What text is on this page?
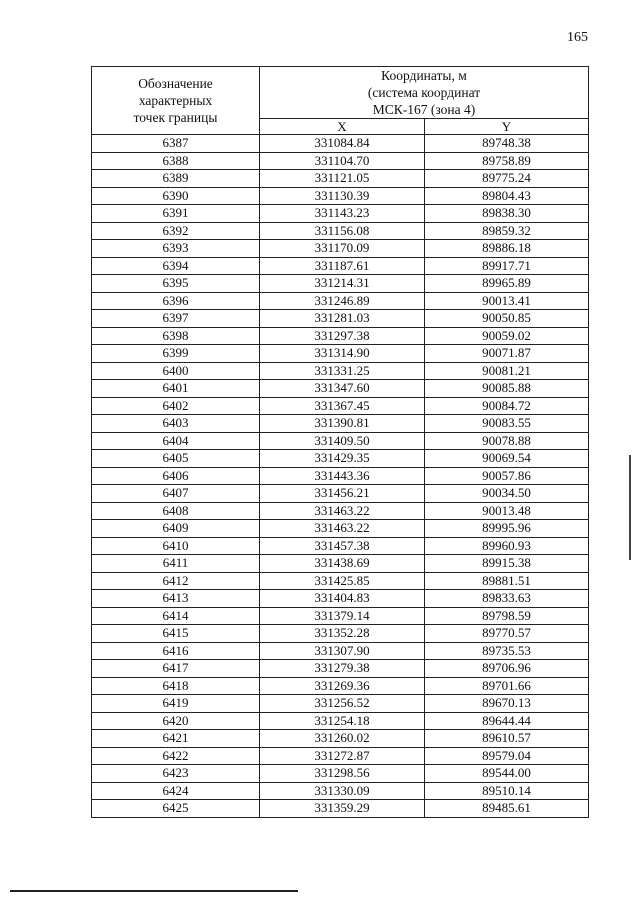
165
Обозначение
характерных
точек границы	Координаты, м
(система координат
МСК-167 (зона 4)	

	X	Y
6387	331084.84	89748.38
6388	331104.70	89758.89
6389	331121.05	89775.24
6390	331130.39	89804.43
6391	331143.23	89838.30
6392	331156.08	89859.32
6393	331170.09	89886.18
6394	331187.61	89917.71
6395	331214.31	89965.89
6396	331246.89	90013.41
6397	331281.03	90050.85
6398	331297.38	90059.02
6399	331314.90	90071.87
6400	331331.25	90081.21
6401	331347.60	90085.88
6402	331367.45	90084.72
6403	331390.81	90083.55
6404	331409.50	90078.88
6405	331429.35	90069.54
6406	331443.36	90057.86
6407	331456.21	90034.50
6408	331463.22	90013.48
6409	331463.22	89995.96
6410	331457.38	89960.93
6411	331438.69	89915.38
6412	331425.85	89881.51
6413	331404.83	89833.63
6414	331379.14	89798.59
6415	331352.28	89770.57
6416	331307.90	89735.53
6417	331279.38	89706.96
6418	331269.36	89701.66
6419	331256.52	89670.13
6420	331254.18	89644.44
6421	331260.02	89610.57
6422	331272.87	89579.04
6423	331298.56	89544.00
6424	331330.09	89510.14
6425	331359.29	89485.61
